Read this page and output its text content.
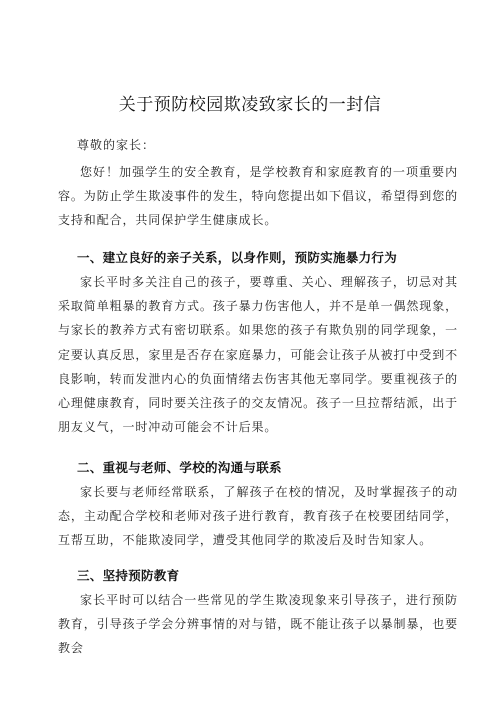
关于预防校园欺凌致家长的一封信

尊敬的家长：

您好！加强学生的安全教育，是学校教育和家庭教育的一项重要内容。为防止学生欺凌事件的发生，特向您提出如下倡议，希望得到您的支持和配合，共同保护学生健康成长。

一、建立良好的亲子关系，以身作则，预防实施暴力行为

家长平时多关注自己的孩子，要尊重、关心、理解孩子，切忌对其采取简单粗暴的教育方式。孩子暴力伤害他人，并不是单一偶然现象，与家长的教养方式有密切联系。如果您的孩子有欺负别的同学现象，一定要认真反思，家里是否存在家庭暴力，可能会让孩子从被打中受到不良影响，转而发泄内心的负面情绪去伤害其他无辜同学。要重视孩子的心理健康教育，同时要关注孩子的交友情况。孩子一旦拉帮结派，出于朋友义气，一时冲动可能会不计后果。

二、重视与老师、学校的沟通与联系

家长要与老师经常联系，了解孩子在校的情况，及时掌握孩子的动态，主动配合学校和老师对孩子进行教育，教育孩子在校要团结同学，互帮互助，不能欺凌同学，遭受其他同学的欺凌后及时告知家人。

三、坚持预防教育

家长平时可以结合一些常见的学生欺凌现象来引导孩子，进行预防教育，引导孩子学会分辨事情的对与错，既不能让孩子以暴制暴，也要教会
